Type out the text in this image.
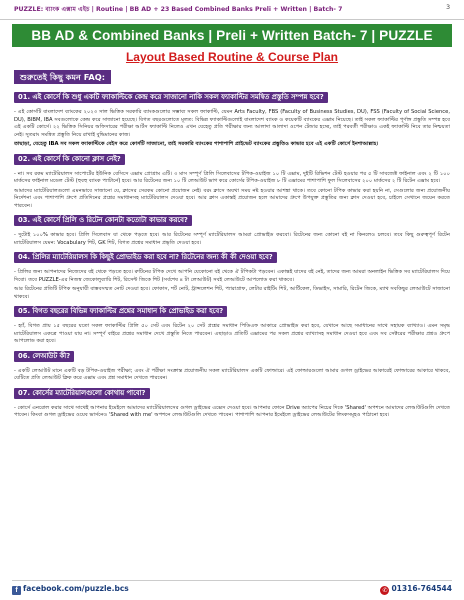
PUZZLE: ব্যাংক এক্সাম এইচ | Routine | BB AD + 23 Based Combined Banks Preli + Written | Batch- 7	3
BB AD & Combined Banks | Preli + Written Batch- 7 | PUZZLE
Layout Based Routine & Course Plan
শুরুতেই কিছু কমন FAQ:
01. এই কোর্সে কি শুধু একটি ফ্যাকাল্টিকে কেন্দ্র করে সাজানো নাকি সকল ফ্যাকাল্টির সমন্বিত প্রস্তুতি সম্পন্ন হবে?

- এই কোর্সটি বাংলাদেশ ব্যাংকের ২০২৩ সাল ভিত্তিক সরকারি ব্যাংকগুলোর সম্ভাব্য সকল ফ্যাকাল্টি, যেমন Arts Faculty, FBS (Faculty of Business Studies, DU), FSS (Faculty of Social Science, DU), BIBM, IBA সবগুলোকে কেন্দ্র করে সাজানো হয়েছে। বিগত বছরগুলোতে মূলত: বিভিন্ন ফ্যাকাল্টিগুলোই বাংলাদেশ ব্যাংক ও কয়েকটি ব্যাংকের এক্সাম নিয়েছে। তাই সকল ফ্যাকাল্টির পূর্ণাঙ্গ প্রস্তুতি সম্পন্ন হবে এই একটি কোর্সে। ২২ ভিত্তিক সিনিয়র অফিসারের পরীক্ষা আর্টস ফ্যাকাল্টি নিলেও এখন যেহেতু প্রতি পরীক্ষার জন্য আলাদা আলাদা ওপেন টেন্ডার হচ্ছে, তাই পরবর্তী পরীক্ষাও একই ফ্যাকাল্টি নিবে তার নিশ্চয়তা নেই। সুতরাং সমন্বিত প্রস্তুতি নিয়ে রাখাই বুদ্ধিমানের কাজ।

তাছাড়া, যেহেতু IBA সব সকল ফ্যাকাল্টিকে বেইস করে কোর্সটি সাজানো, তাই সরকারি ব্যাংকের পাশাপাশি প্রাইভেট ব্যাংকের প্রস্তুতিও কাভার হবে এই একটি কোর্সে ইনশাআল্লাহ।

02. এই কোর্সে কি কোনো ক্লাস নেই?

- না। সব রকম ম্যাটেরিয়ালস সাপোর্টের ইউনিক বেসিসে এক্সাম প্রোগ্রাম এটি। ৩ মাস সম্পূর্ণ প্রিলি সিলেবাসের টপিক-ওয়াইজ ১০ টি এক্সাম, দুইটি রিভিশন টেস্ট হওয়ার পর ৫ টি সাবজেক্ট ফাইনাল এবং ২ টি ১০০ মার্কসের ফাইনাল মডেল টেস্ট (হুবহু ব্যাংক প্যাটার্নে) হবে। আর রিটেনের জন্য ১০ টি লেআউট ভাগ করে কোর্সের টপিক-ওয়াইজ ৮ টি এক্সামের পাশাপাশি ফুল সিলেবাসের ২০০ মার্কসের ২ টি রিটেন এক্সাম হবে।

আমাদের ম্যাটেরিয়ালগুলো এমনভাবে সাজানো যে, ক্লাসের সেরকম কোনো প্রয়োজন নেই। বরং ক্লাসে অযথা সময় নষ্ট হওয়ার আশঙ্কা থাকে। তবে কোনো টপিক কাভার করা হয়নি না, সেগুলোর জন্য প্রয়োজনীয় নির্দেশনা এবং পাশাপাশি গ্রুপে প্রতিদিনের প্রশ্নের সমাধানসহ ম্যাটেরিয়ালস দেওয়া হবে। আর ক্লাস একান্তই প্রয়োজন হলে আমাদের গ্রুপে উপযুক্ত প্রস্তুতির জন্য ক্লাস দেওয়া হবে, চাইলে সেখানে জয়েন করতে পারবেন।

03. এই কোর্সে প্রিলি ও রিটেন কোনটা কতোটা কাভার করবে?

- দুটোই ১০০% কাভার হবে। প্রিলি সিলেবাস যা থেকে পড়তে হবে। আর রিটেনের সম্পূর্ণ ম্যাটেরিয়ালস আমরা প্রোভাইড করবো। রিটেনের জন্য কোনো বই না কিনলেও চলবে। তবে কিছু গুরুত্বপূর্ণ রিটেন ম্যাটেরিয়ালস যেমন: Vocabulary শিট, GK শিট, বিগত প্রশ্নের সমাধান প্রভৃতি দেওয়া হবে।

04. প্রিলির ম্যাটেরিয়ালস কি কিছুই প্রোভাইড করা হবে না? রিটেনের জন্য কী কী দেওয়া হবে?

- প্রিলির জন্য আপনাদের নিজেদের বই থেকে পড়তে হবে। রুটিনের টপিক দেখে আপনি যেকোনো বই থেকে ঐ টপিকটা পড়বেন। একান্তই যাদের বই নেই, তাদের জন্য আমরা অনলাইন ভিত্তিক সব ম্যাটেরিয়ালস দিয়ে দিবো। তবে PUZZLE-এর নিজস্ব জেকোলুব্যারি শিট, রিসেন্ট জিকে শিট (সর্বশেষ ৪ টা লেআউট) সবই লেআউটে আপলোড করা থাকবে।

আর রিটেনের প্রতিটি টপিক অনুযায়ী বাস্তবসম্মত নোট দেওয়া হবে। ফোকাস, শর্ট নোট, ট্রান্সলেশন শিট, প্যারাগ্রাফ, লেটার রাইটিং শিট, আর্টিকেল, ডিভাইস, সামারি, রিটেন জিকে, ম্যাথ সবকিছুর লেআউটে সাজানো থাকবে।

05. বিগত বছরের বিভিন্ন ফ্যাকাল্টির প্রশ্নের সমাধান কি প্রোভাইড করা হবে?

- হ্যাঁ, বিগত প্রায় ১৫ বছরের যতো সকল ফ্যাকাল্টির প্রিলি ৫০ সেট এবং রিটেন ২০ সেট প্রশ্নের সমাধান পিডিএফ আকারে প্রোভাইড করা হবে, যেখানে আছে সমাধানের সাথে সহায়ক ব্যাখ্যাও। এমন সমৃদ্ধ ম্যাটেরিয়ালস একত্রে পাওয়া যায় না। সম্পূর্ণ বাইরে প্রশ্নের সমাধান দেখে প্রস্তুতি নিতে পারবেন। এছাড়াও প্রতিটি এক্সামের পর সকল প্রশ্নের ব্যাখ্যাসহ সমাধান দেওয়া হবে এবং সব সেক্টরের পরীক্ষার প্রশ্নও গ্রুপে আপলোড করা হবে।

06. লেআউট কী?

- একটি লেআউট মানে একটি বড় টপিক-ওয়াইজ পরীক্ষা; এবং ঐ পরীক্ষা সংক্রান্ত প্রয়োজনীয় সকল ম্যাটেরিয়ালস একটি ফোল্ডারে। এই ফোল্ডারগুলো আমার গুগল ড্রাইভের আকারেই ফোল্ডারের আকারে থাকবে, যেটিতে প্রতি লেআউট ক্লিক করে এক্সাম এবং প্রশ্ন সমাধান দেখতে পারবেন।

07. কোর্সের ম্যাটেরিয়ালগুলো কোথায় পাবো?

- কোর্সে এনরোল করার সাথে সাথেই আপনার ইমেইলে আমাদের ম্যাটেরিয়ালসের গুগল ড্রাইভের এক্সেস দেওয়া হবে। আপনার ফোনে Drive অ্যাপের নিচের দিকে 'Shared' অপশনে আমাদের লেআউটগুলি দেখতে পাবেন। কিংবা গুগল ড্রাইভের ওয়েব ভার্সনেও 'Shared with me' অপশনে লেআউটগুলি দেখতে পাবেন। পাশাপাশি আপনার ইমেইলে ড্রাইভের লেআউটের লিংকসমূহও পাঠানো হবে।

f facebook.com/puzzle.bcs	✆ 01316-764544
